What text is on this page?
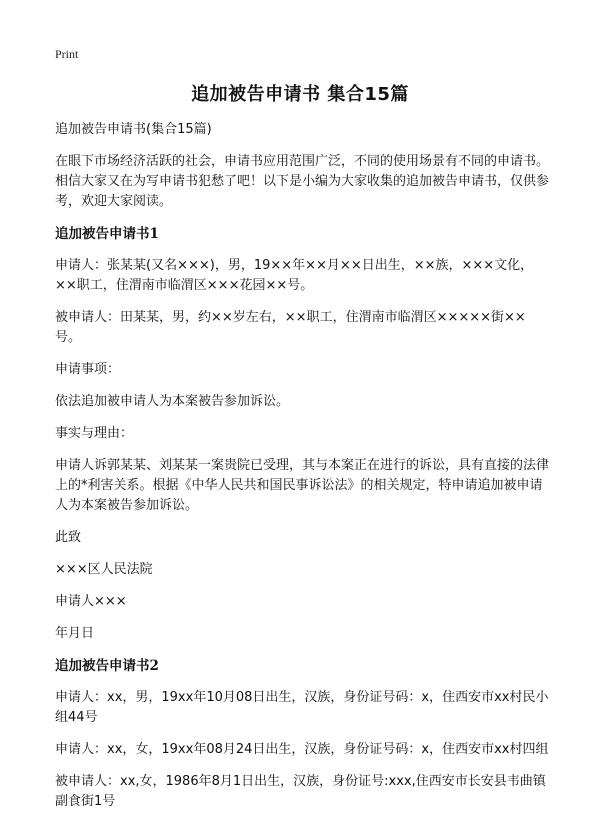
Print
追加被告申请书 集合15篇

追加被告申请书(集合15篇)

在眼下市场经济活跃的社会，申请书应用范围广泛，不同的使用场景有不同的申请书。相信大家又在为写申请书犯愁了吧！以下是小编为大家收集的追加被告申请书，仅供参考，欢迎大家阅读。

追加被告申请书1

申请人：张某某(又名×××)，男，19××年××月××日出生，××族，×××文化，××职工，住渭南市临渭区×××花园××号。

被申请人：田某某，男，约××岁左右，××职工，住渭南市临渭区×××××街××号。

申请事项：

依法追加被申请人为本案被告参加诉讼。

事实与理由：

申请人诉郭某某、刘某某一案贵院已受理，其与本案正在进行的诉讼，具有直接的法律上的*利害关系。根据《中华人民共和国民事诉讼法》的相关规定，特申请追加被申请人为本案被告参加诉讼。

此致

×××区人民法院

申请人×××

年月日

追加被告申请书2

申请人：xx，男，19xx年10月08日出生，汉族，身份证号码：x，住西安市xx村民小组44号

申请人：xx，女，19xx年08月24日出生，汉族，身份证号码：x，住西安市xx村四组

被申请人：xx,女，1986年8月1日出生，汉族，身份证号:xxx,住西安市长安县韦曲镇副食街1号
